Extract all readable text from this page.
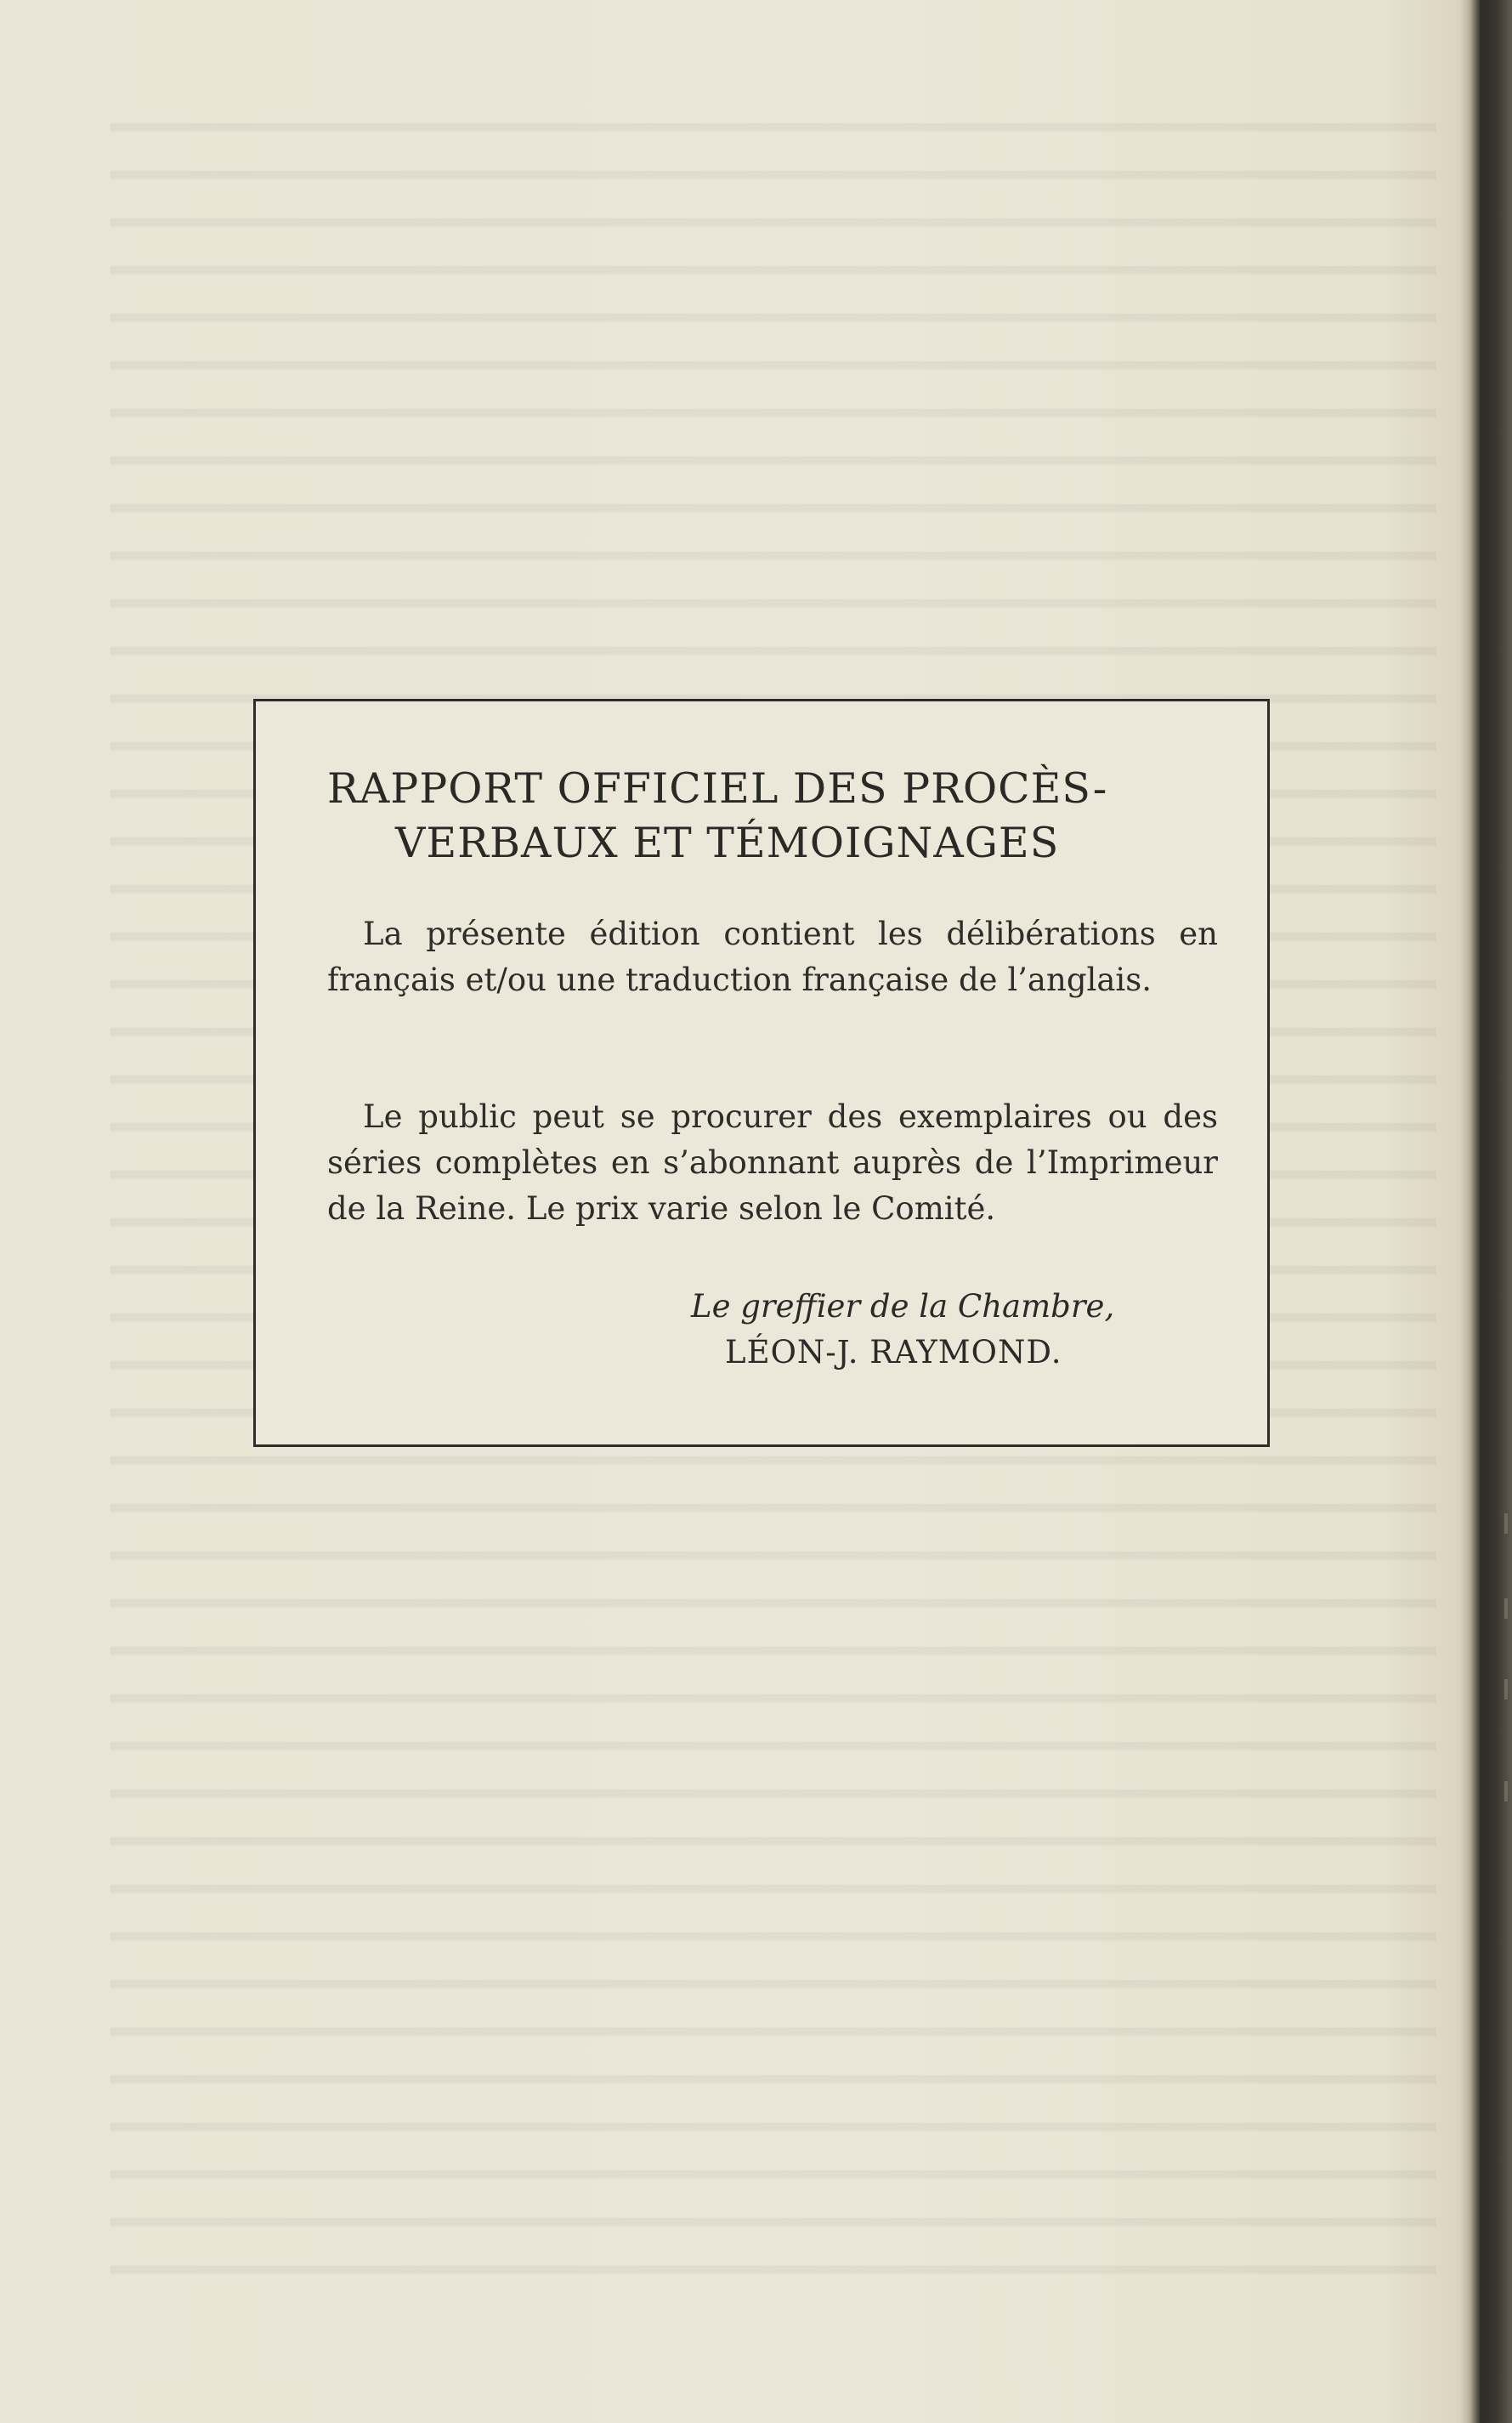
RAPPORT OFFICIEL DES PROCÈS-
VERBAUX ET TÉMOIGNAGES

La présente édition contient les délibérations en français et/ou une traduction française de l’anglais.

Le public peut se procurer des exemplaires ou des séries complètes en s’abonnant auprès de l’Imprimeur de la Reine. Le prix varie selon le Comité.

Le greffier de la Chambre,
LÉON-J. RAYMOND.
